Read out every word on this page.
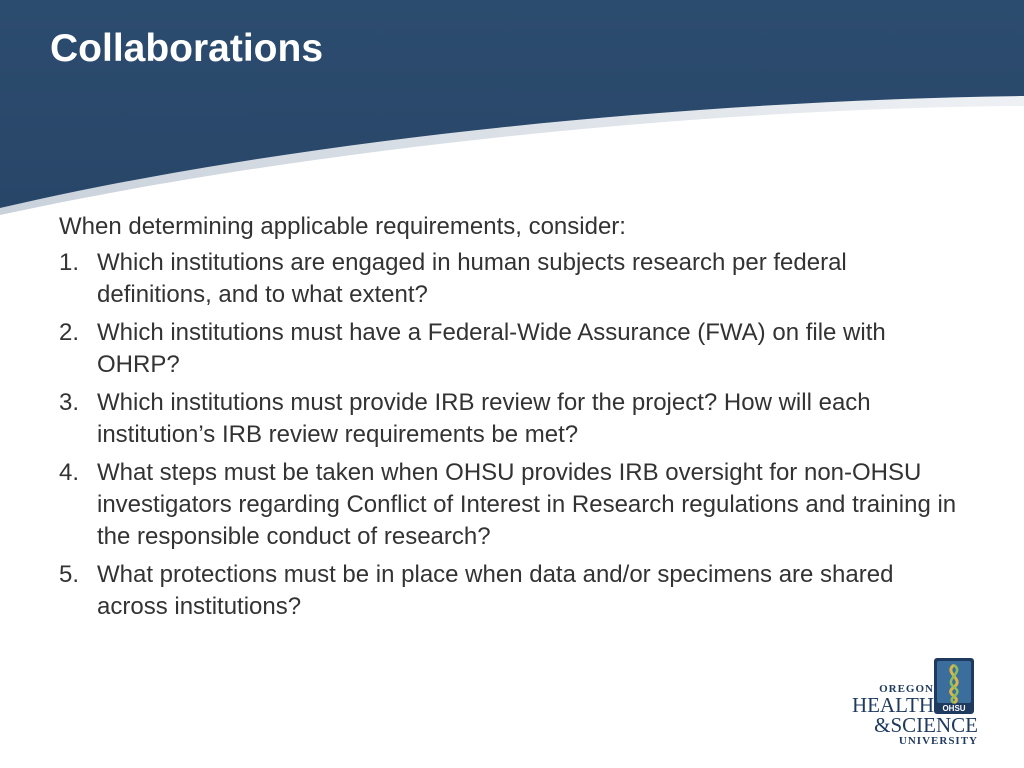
Collaborations

When determining applicable requirements, consider:

1. Which institutions are engaged in human subjects research per federal definitions, and to what extent?
2. Which institutions must have a Federal-Wide Assurance (FWA) on file with OHRP?
3. Which institutions must provide IRB review for the project? How will each institution’s IRB review requirements be met?
4. What steps must be taken when OHSU provides IRB oversight for non-OHSU investigators regarding Conflict of Interest in Research regulations and training in the responsible conduct of research?
5. What protections must be in place when data and/or specimens are shared across institutions?
OHSU
OREGON
HEALTH
&SCIENCE
UNIVERSITY
